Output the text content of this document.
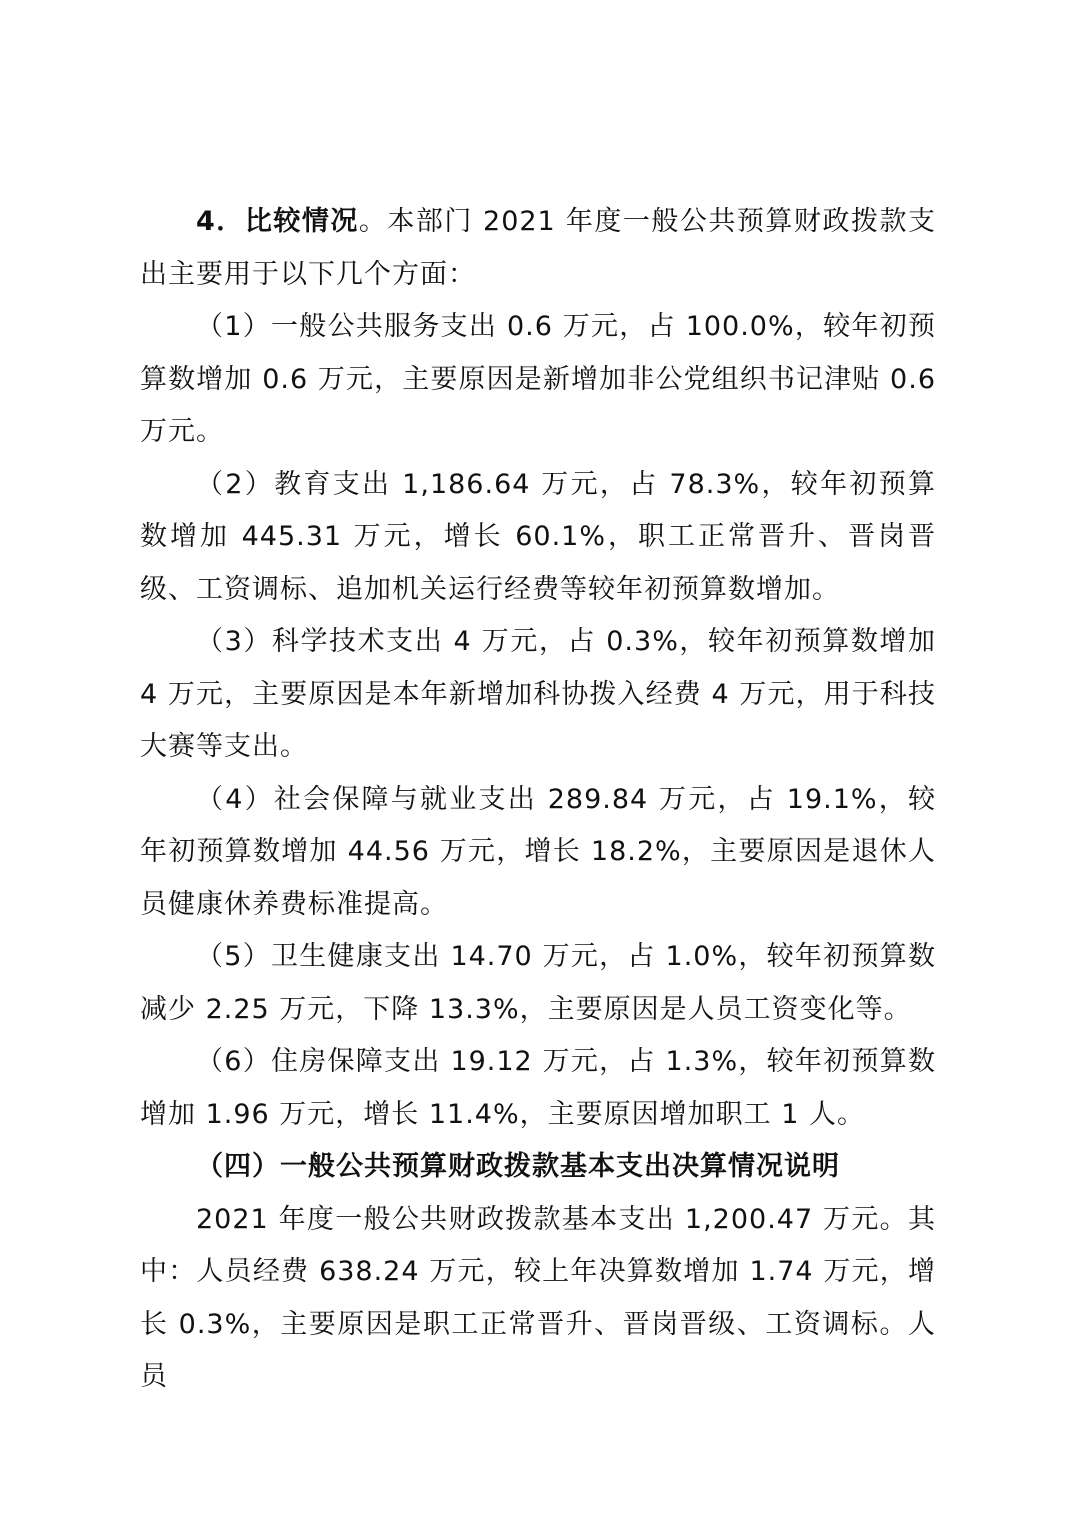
4．比较情况。本部门 2021 年度一般公共预算财政拨款支出主要用于以下几个方面：

（1）一般公共服务支出 0.6 万元，占 100.0%，较年初预算数增加 0.6 万元，主要原因是新增加非公党组织书记津贴 0.6 万元。

（2）教育支出 1,186.64 万元，占 78.3%，较年初预算数增加 445.31 万元，增长 60.1%，职工正常晋升、晋岗晋级、工资调标、追加机关运行经费等较年初预算数增加。

（3）科学技术支出 4 万元，占 0.3%，较年初预算数增加 4 万元，主要原因是本年新增加科协拨入经费 4 万元，用于科技大赛等支出。

（4）社会保障与就业支出 289.84 万元，占 19.1%，较年初预算数增加 44.56 万元，增长 18.2%，主要原因是退休人员健康休养费标准提高。

（5）卫生健康支出 14.70 万元，占 1.0%，较年初预算数减少 2.25 万元，下降 13.3%，主要原因是人员工资变化等。

（6）住房保障支出 19.12 万元，占 1.3%，较年初预算数增加 1.96 万元，增长 11.4%，主要原因增加职工 1 人。

（四）一般公共预算财政拨款基本支出决算情况说明

2021 年度一般公共财政拨款基本支出 1,200.47 万元。其中：人员经费 638.24 万元，较上年决算数增加 1.74 万元，增长 0.3%，主要原因是职工正常晋升、晋岗晋级、工资调标。人员
